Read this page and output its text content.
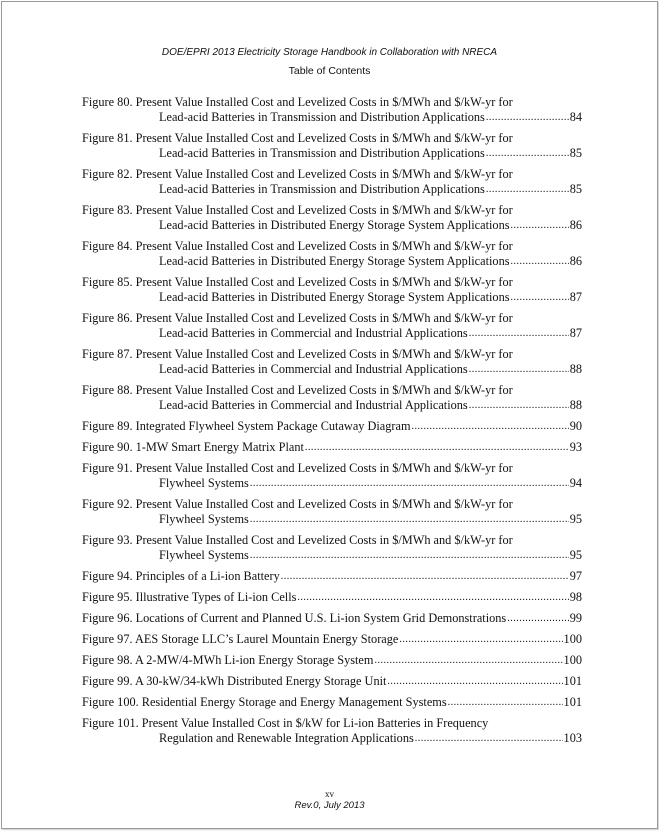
DOE/EPRI 2013 Electricity Storage Handbook in Collaboration with NRECA
Table of Contents
Figure 80. Present Value Installed Cost and Levelized Costs in $/MWh and $/kW-yr for
Lead-acid Batteries in Transmission and Distribution Applications .....	84
Figure 81. Present Value Installed Cost and Levelized Costs in $/MWh and $/kW-yr for
Lead-acid Batteries in Transmission and Distribution Applications .....	85
Figure 82. Present Value Installed Cost and Levelized Costs in $/MWh and $/kW-yr for
Lead-acid Batteries in Transmission and Distribution Applications .....	85
Figure 83. Present Value Installed Cost and Levelized Costs in $/MWh and $/kW-yr for
Lead-acid Batteries in Distributed Energy Storage System Applications .....	86
Figure 84. Present Value Installed Cost and Levelized Costs in $/MWh and $/kW-yr for
Lead-acid Batteries in Distributed Energy Storage System Applications .....	86
Figure 85. Present Value Installed Cost and Levelized Costs in $/MWh and $/kW-yr for
Lead-acid Batteries in Distributed Energy Storage System Applications .....	87
Figure 86. Present Value Installed Cost and Levelized Costs in $/MWh and $/kW-yr for
Lead-acid Batteries in Commercial and Industrial Applications .....	87
Figure 87. Present Value Installed Cost and Levelized Costs in $/MWh and $/kW-yr for
Lead-acid Batteries in Commercial and Industrial Applications .....	88
Figure 88. Present Value Installed Cost and Levelized Costs in $/MWh and $/kW-yr for
Lead-acid Batteries in Commercial and Industrial Applications .....	88
Figure 89. Integrated Flywheel System Package Cutaway Diagram .....	90
Figure 90. 1-MW Smart Energy Matrix Plant .....	93
Figure 91. Present Value Installed Cost and Levelized Costs in $/MWh and $/kW-yr for
Flywheel Systems .....	94
Figure 92. Present Value Installed Cost and Levelized Costs in $/MWh and $/kW-yr for
Flywheel Systems .....	95
Figure 93. Present Value Installed Cost and Levelized Costs in $/MWh and $/kW-yr for
Flywheel Systems .....	95
Figure 94. Principles of a Li-ion Battery .....	97
Figure 95. Illustrative Types of Li-ion Cells .....	98
Figure 96. Locations of Current and Planned U.S. Li-ion System Grid Demonstrations .....	99
Figure 97. AES Storage LLC’s Laurel Mountain Energy Storage .....	100
Figure 98. A 2-MW/4-MWh Li-ion Energy Storage System .....	100
Figure 99. A 30-kW/34-kWh Distributed Energy Storage Unit .....	101
Figure 100. Residential Energy Storage and Energy Management Systems .....	101
Figure 101. Present Value Installed Cost in $/kW for Li-ion Batteries in Frequency
Regulation and Renewable Integration Applications .....	103
xv
Rev.0, July 2013
